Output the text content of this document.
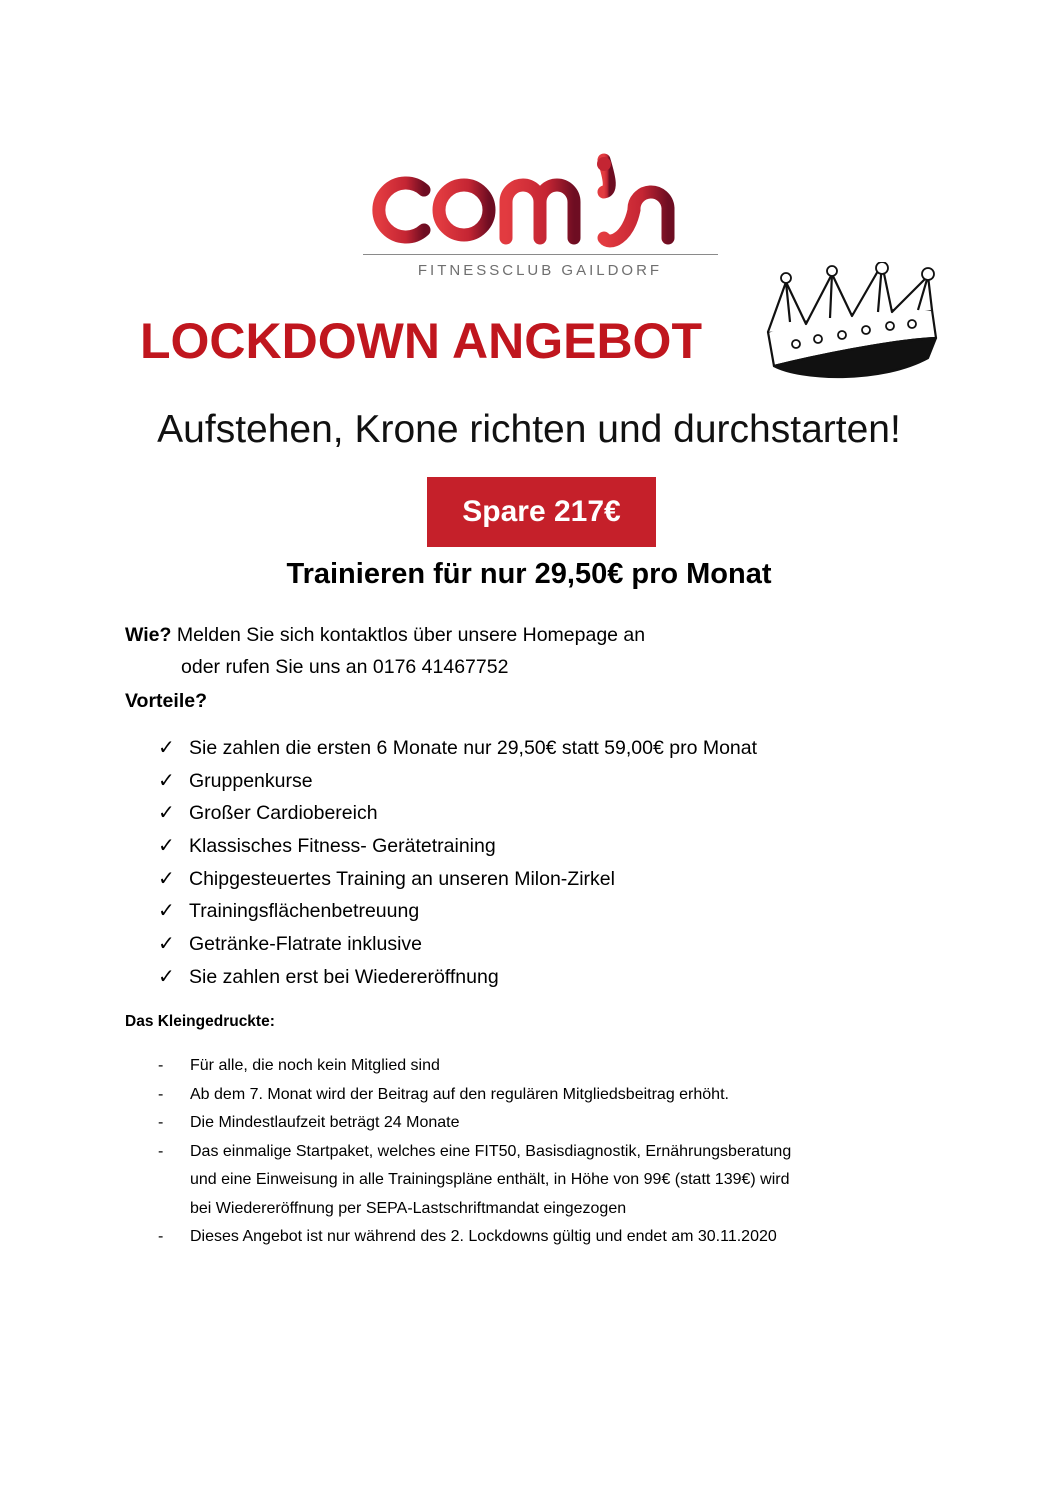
FITNESSCLUB GAILDORF
LOCKDOWN ANGEBOT
Aufstehen, Krone richten und durchstarten!
Spare 217€
Trainieren für nur 29,50€ pro Monat
Wie? Melden Sie sich kontaktlos über unsere Homepage an
oder rufen Sie uns an 0176 41467752
Vorteile?
✓ Sie zahlen die ersten 6 Monate nur 29,50€ statt 59,00€ pro Monat
✓ Gruppenkurse
✓ Großer Cardiobereich
✓ Klassisches Fitness- Gerätetraining
✓ Chipgesteuertes Training an unseren Milon-Zirkel
✓ Trainingsflächenbetreuung
✓ Getränke-Flatrate inklusive
✓ Sie zahlen erst bei Wiedereröffnung
Das Kleingedruckte:
- Für alle, die noch kein Mitglied sind
- Ab dem 7. Monat wird der Beitrag auf den regulären Mitgliedsbeitrag erhöht.
- Die Mindestlaufzeit beträgt 24 Monate
- Das einmalige Startpaket, welches eine FIT50, Basisdiagnostik, Ernährungsberatung
und eine Einweisung in alle Trainingspläne enthält, in Höhe von 99€ (statt 139€) wird
bei Wiedereröffnung per SEPA-Lastschriftmandat eingezogen
- Dieses Angebot ist nur während des 2. Lockdowns gültig und endet am 30.11.2020
